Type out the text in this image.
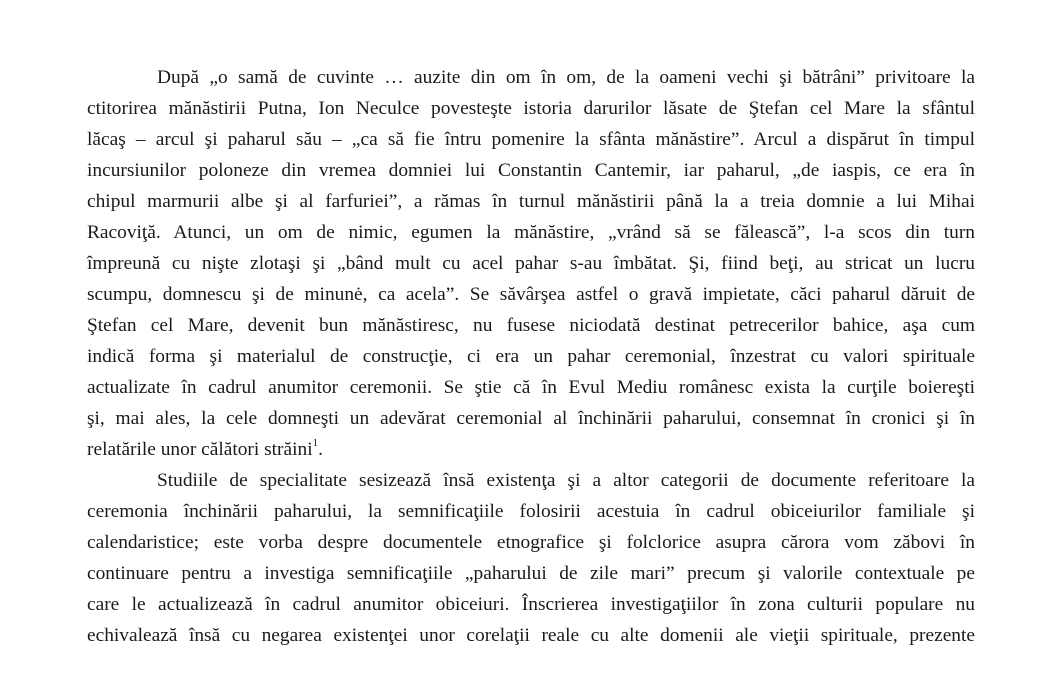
După „o samă de cuvinte … auzite din om în om, de la oameni vechi şi bătrâni” privitoare la
ctitorirea mănăstirii Putna, Ion Neculce povesteşte istoria darurilor lăsate de Ştefan cel Mare la sfântul
lăcaş – arcul şi paharul său – „ca să fie întru pomenire la sfânta mănăstire”. Arcul a dispărut în timpul
incursiunilor poloneze din vremea domniei lui Constantin Cantemir, iar paharul, „de iaspis, ce era în
chipul marmurii albe şi al farfuriei”, a rămas în turnul mănăstirii până la a treia domnie a lui Mihai
Racoviţă. Atunci, un om de nimic, egumen la mănăstire, „vrând să se fălească”, l-a scos din turn
împreună cu nişte zlotaşi şi „bând mult cu acel pahar s-au îmbătat. Şi, fiind beţi, au stricat un lucru
scumpu, domnescu şi de minunė, ca acela”. Se săvârşea astfel o gravă impietate, căci paharul dăruit de
Ştefan cel Mare, devenit bun mănăstiresc, nu fusese niciodată destinat petrecerilor bahice, aşa cum
indică forma şi materialul de construcţie, ci era un pahar ceremonial, înzestrat cu valori spirituale
actualizate în cadrul anumitor ceremonii. Se ştie că în Evul Mediu românesc exista la curţile boiereşti
şi, mai ales, la cele domneşti un adevărat ceremonial al închinării paharului, consemnat în cronici şi în
relatările unor călători străini$^1$.
Studiile de specialitate sesizează însă existenţa şi a altor categorii de documente referitoare la
ceremonia închinării paharului, la semnificaţiile folosirii acestuia în cadrul obiceiurilor familiale şi
calendaristice; este vorba despre documentele etnografice şi folclorice asupra cărora vom zăbovi în
continuare pentru a investiga semnificaţiile „paharului de zile mari” precum şi valorile contextuale pe
care le actualizează în cadrul anumitor obiceiuri. Înscrierea investigaţiilor în zona culturii populare nu
echivalează însă cu negarea existenţei unor corelaţii reale cu alte domenii ale vieţii spirituale, prezente
